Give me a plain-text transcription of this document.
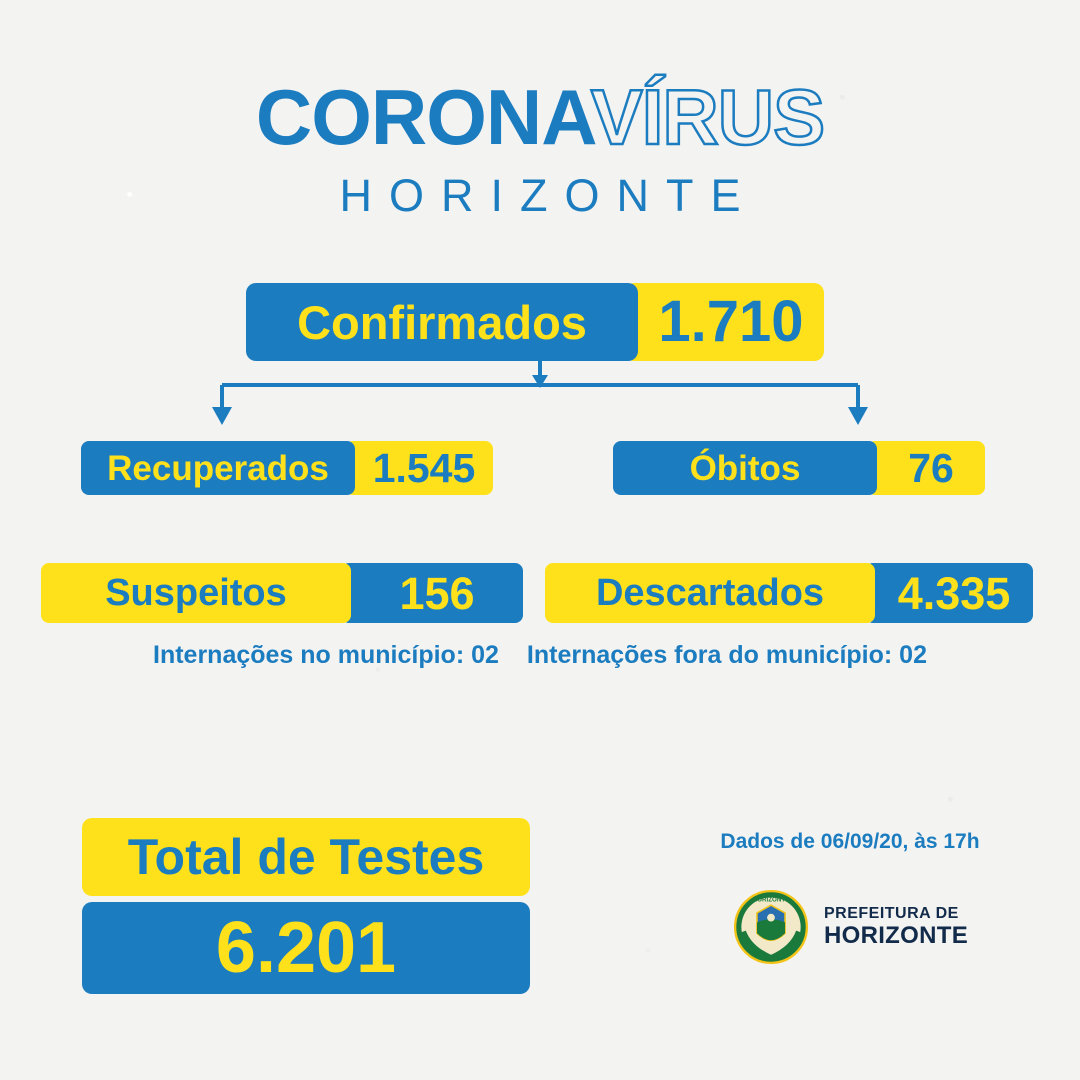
CORONAVÍRUS
HORIZONTE
Confirmados	1.710
Recuperados	1.545	Óbitos	76
Suspeitos	156	Descartados	4.335
Internações no município: 02 Internações fora do município: 02
Total de Testes
6.201
Dados de 06/09/20, às 17h
HORIZONTE
PREFEITURA DE
HORIZONTE
